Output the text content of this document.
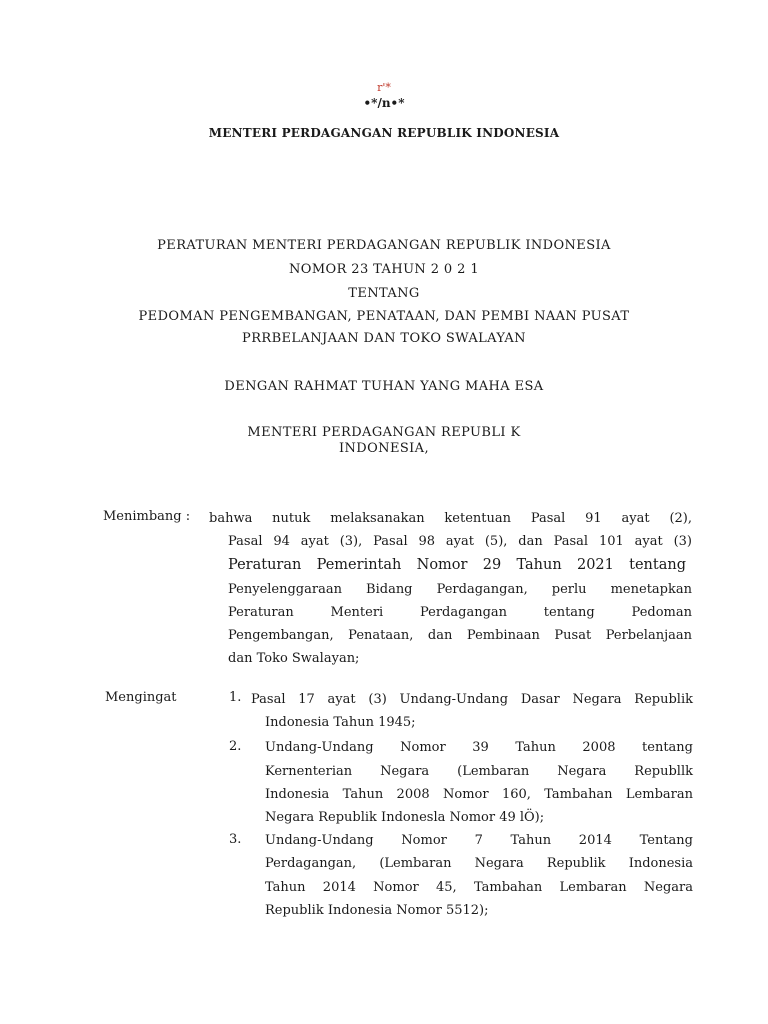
r'*
•*/n•*
MENTERI PERDAGANGAN REPUBLIK INDONESIA
PERATURAN MENTERI PERDAGANGAN REPUBLIK INDONESIA
NOMOR 23 TAHUN 2 0 2 1
TENTANG
PEDOMAN PENGEMBANGAN, PENATAAN, DAN PEMBI NAAN PUSAT
PRRBELANJAAN DAN TOKO SWALAYAN
DENGAN RAHMAT TUHAN YANG MAHA ESA
MENTERI PERDAGANGAN REPUBLI K
INDONESIA,
Menimbang : bahwa nutuk melaksanakan ketentuan Pasal 91 ayat (2),
Pasal 94 ayat (3), Pasal 98 ayat (5), dan Pasal 101 ayat (3)
Peraturan Pemerintah Nomor 29 Tahun 2021 tentang
Penyelenggaraan Bidang Perdagangan, perlu menetapkan
Peraturan Menteri Perdagangan tentang Pedoman
Pengembangan, Penataan, dan Pembinaan Pusat Perbelanjaan
dan Toko Swalayan;
Mengingat	1. Pasal 17 ayat (3) Undang-Undang Dasar Negara Republik
Indonesia Tahun 1945;
2. Undang-Undang Nomor 39 Tahun 2008 tentang
Kernenterian Negara (Lembaran Negara Republlk
Indonesia Tahun 2008 Nomor 160, Tambahan Lembaran
Negara Republik Indonesla Nomor 49 lÖ);
3. Undang-Undang Nomor 7 Tahun 2014 Tentang
Perdagangan, (Lembaran Negara Republik Indonesia
Tahun 2014 Nomor 45, Tambahan Lembaran Negara
Republik Indonesia Nomor 5512);
